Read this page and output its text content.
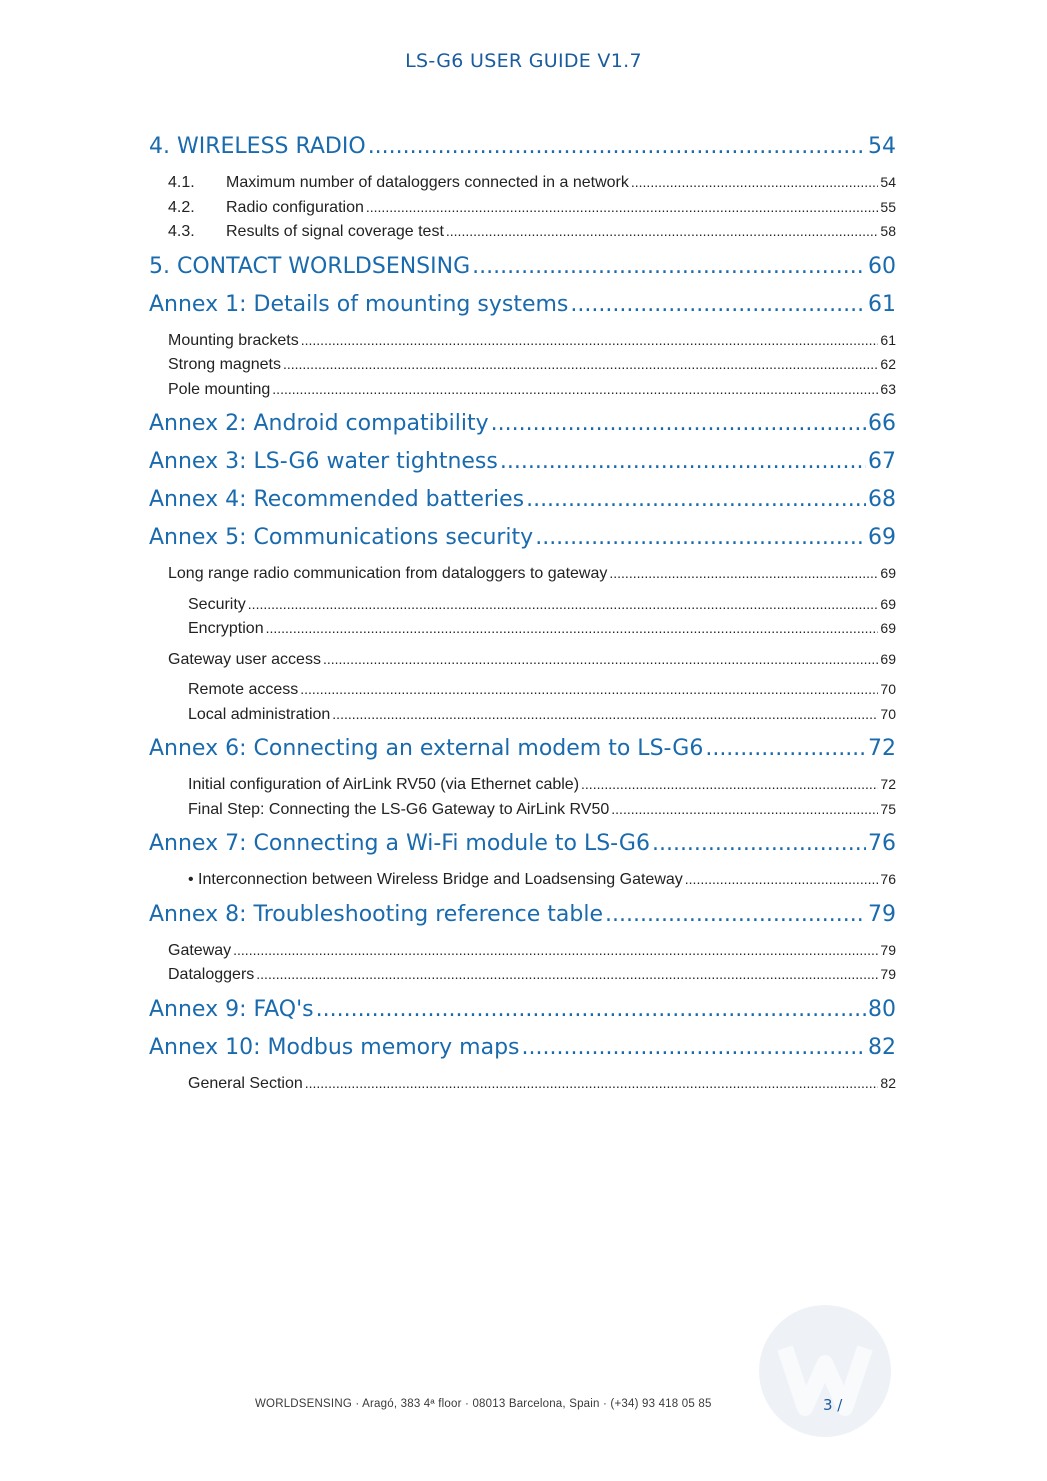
LS-G6 USER GUIDE V1.7
4. WIRELESS RADIO .....	54
4.1.	Maximum number of dataloggers connected in a network .....	54
4.2.	Radio configuration .....	55
4.3.	Results of signal coverage test .....	58
5. CONTACT WORLDSENSING .....	60
Annex 1: Details of mounting systems .....	61
Mounting brackets .....	61
Strong magnets .....	62
Pole mounting .....	63
Annex 2: Android compatibility .....	66
Annex 3: LS-G6 water tightness .....	67
Annex 4: Recommended batteries .....	68
Annex 5: Communications security .....	69
Long range radio communication from dataloggers to gateway .....	69
Security .....	69
Encryption .....	69
Gateway user access .....	69
Remote access .....	70
Local administration .....	70
Annex 6: Connecting an external modem to LS-G6 .....	72
Initial configuration of AirLink RV50 (via Ethernet cable) .....	72
Final Step: Connecting the LS-G6 Gateway to AirLink RV50 .....	75
Annex 7: Connecting a Wi-Fi module to LS-G6 .....	76
• Interconnection between Wireless Bridge and Loadsensing Gateway .....	76
Annex 8: Troubleshooting reference table .....	79
Gateway .....	79
Dataloggers .....	79
Annex 9: FAQ's .....	80
Annex 10: Modbus memory maps .....	82
General Section .....	82
WORLDSENSING · Aragó, 383 4ª floor · 08013 Barcelona, Spain · (+34) 93 418 05 85	3 /
